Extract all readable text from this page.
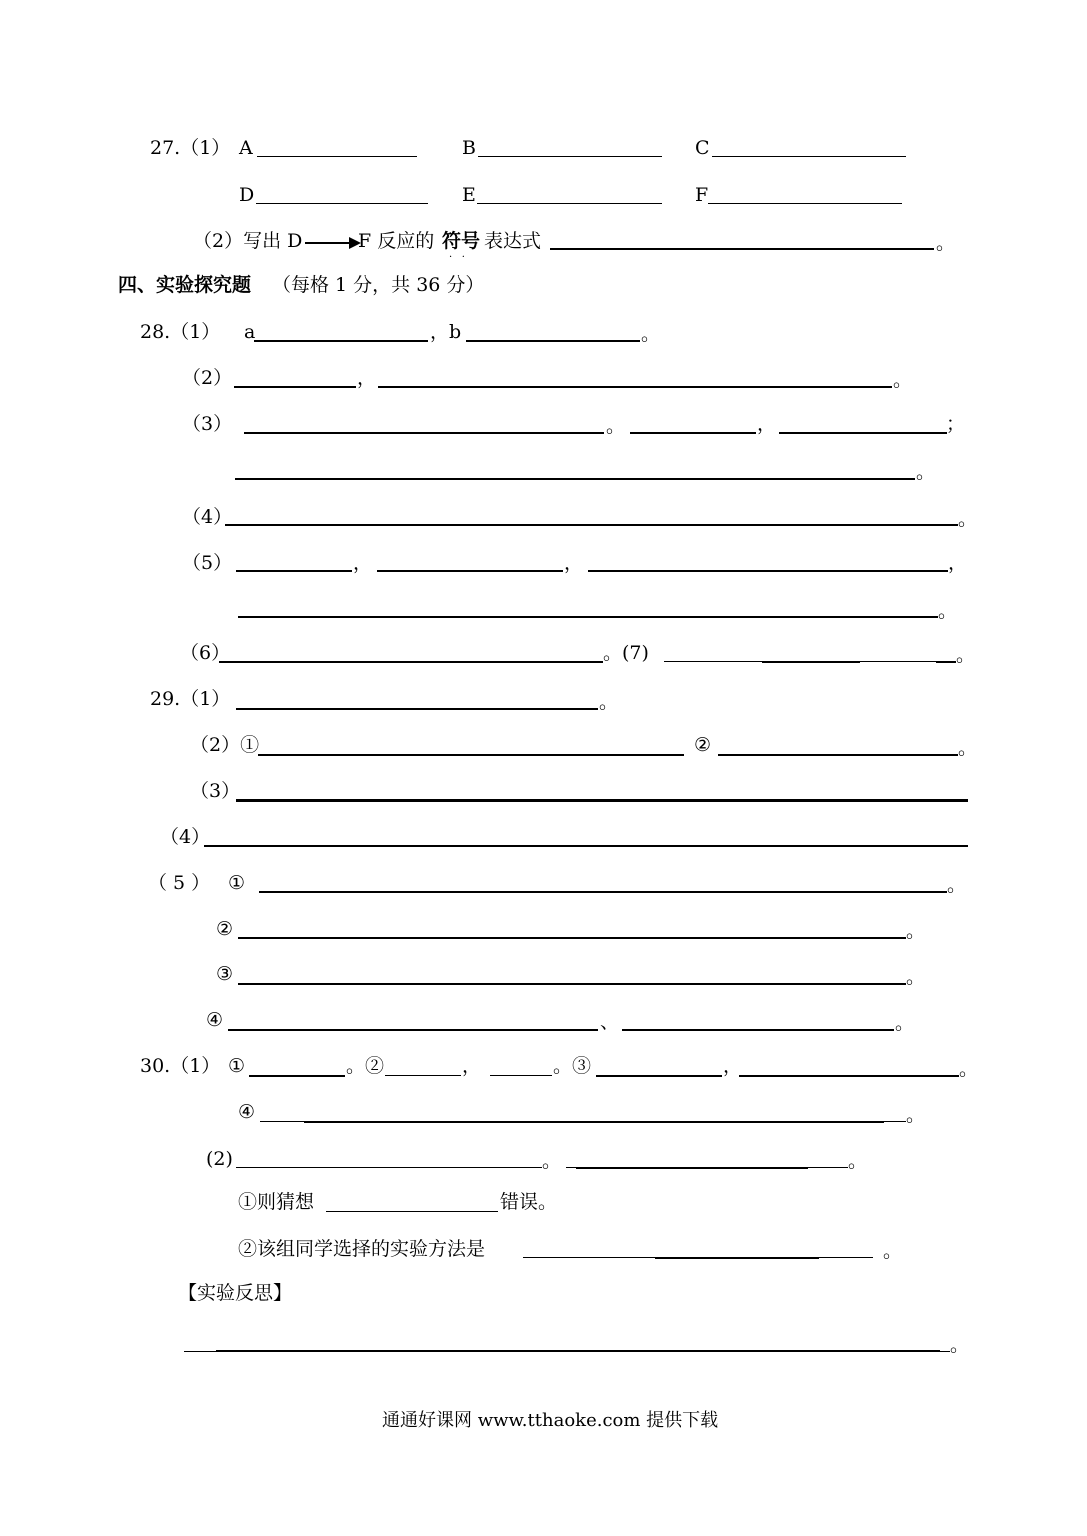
27.（1） A	B	C
D	E	F
（2）写出 D	F 反应的 符号
·   ·
表达式	。
四、实验探究题 （每格 1 分，共 36 分）
28.（1） a	，b	。
（2）	，	。
（3）	。	，	；
。
（4）	。
（5）	，	，	，
。
（6）	。(7)	。
29.（1）	。
（2）①	②	。
（3）
（4）
（ 5 ） ①	。
②	。
③	。
④	、	。
30.（1） ①	。②	，	。③	，	。
④	。
(2)	。	。
①则猜想	错误。
②该组同学选择的实验方法是	。
【实验反思】
。
通通好课网 www.tthaoke.com 提供下载
